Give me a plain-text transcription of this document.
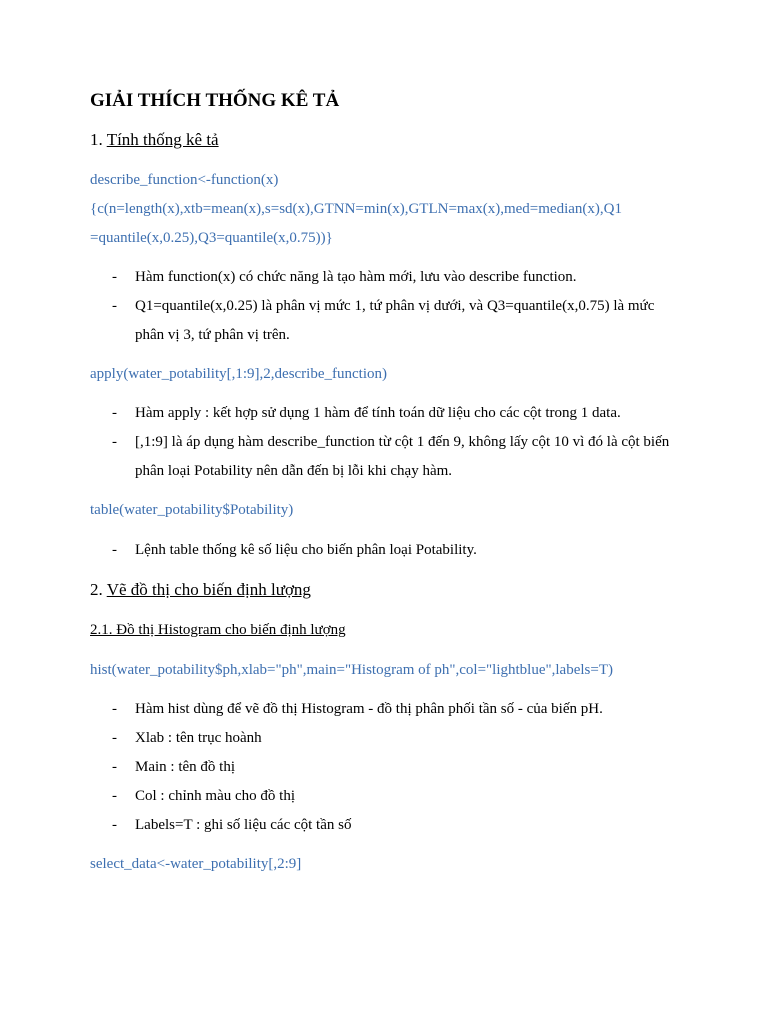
GIẢI THÍCH THỐNG KÊ TẢ
1. Tính thống kê tả
describe_function<-function(x)
{c(n=length(x),xtb=mean(x),s=sd(x),GTNN=min(x),GTLN=max(x),med=median(x),Q1
=quantile(x,0.25),Q3=quantile(x,0.75))}
- Hàm function(x) có chức năng là tạo hàm mới, lưu vào describe function.
- Q1=quantile(x,0.25) là phân vị mức 1, tứ phân vị dưới, và Q3=quantile(x,0.75) là mức phân vị 3, tứ phân vị trên.
apply(water_potability[,1:9],2,describe_function)
- Hàm apply : kết hợp sử dụng 1 hàm để tính toán dữ liệu cho các cột trong 1 data.
- [,1:9] là áp dụng hàm describe_function từ cột 1 đến 9, không lấy cột 10 vì đó là cột biến phân loại Potability nên dẫn đến bị lỗi khi chạy hàm.
table(water_potability$Potability)
- Lệnh table thống kê số liệu cho biến phân loại Potability.
2. Vẽ đồ thị cho biến định lượng
2.1. Đồ thị Histogram cho biến định lượng
hist(water_potability$ph,xlab="ph",main="Histogram of ph",col="lightblue",labels=T)
- Hàm hist dùng để vẽ đồ thị Histogram - đồ thị phân phối tần số - của biến pH.
- Xlab : tên trục hoành
- Main : tên đồ thị
- Col : chỉnh màu cho đồ thị
- Labels=T : ghi số liệu các cột tần số
select_data<-water_potability[,2:9]
